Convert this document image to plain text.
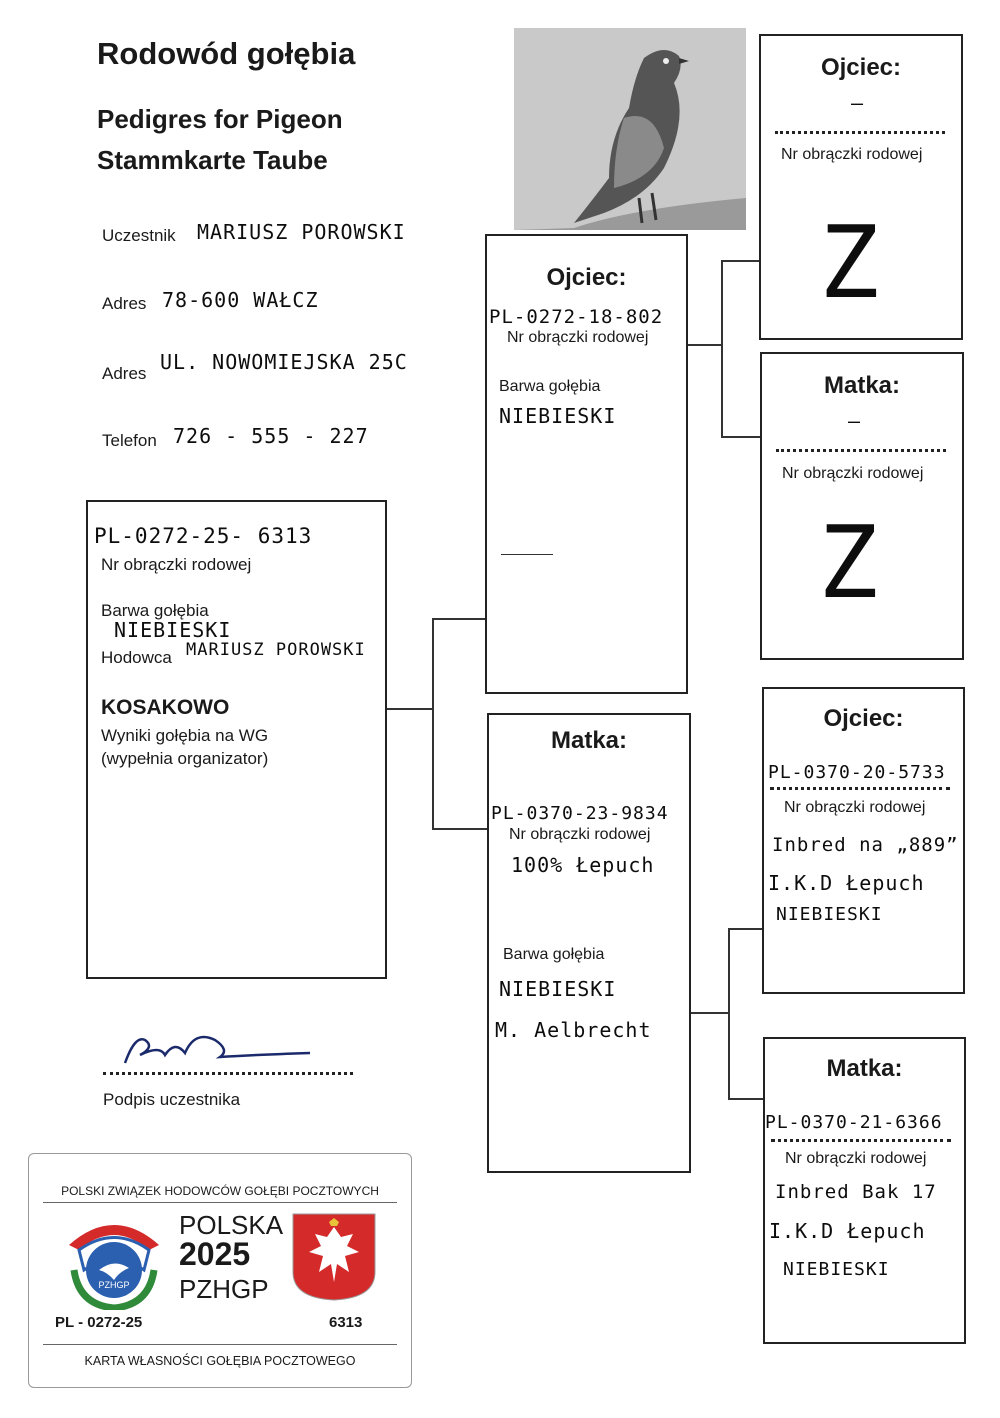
Rodowód gołębia
Pedigres for Pigeon
Stammkarte Taube
Uczestnik MARIUSZ POROWSKI
Adres 78-600 WAŁCZ
Adres UL. NOWOMIEJSKA 25C
Telefon 726 - 555 - 227
PL-0272-25- 6313
Nr obrączki rodowej
Barwa gołębia
NIEBIESKI
Hodowca MARIUSZ POROWSKI
KOSAKOWO
Wyniki gołębia na WG
(wypełnia organizator)
Podpis uczestnika
Ojciec:
PL-0272-18-802
Nr obrączki rodowej
Barwa gołębia
NIEBIESKI
Matka:
PL-0370-23-9834
Nr obrączki rodowej
100% Łepuch
Barwa gołębia
NIEBIESKI
M. Aelbrecht
Ojciec:
—
Nr obrączki rodowej
Z
Matka:
—
Nr obrączki rodowej
Z
Ojciec:
PL-0370-20-5733
Nr obrączki rodowej
Inbred na „889”
I.K.D Łepuch
NIEBIESKI
Matka:
PL-0370-21-6366
Nr obrączki rodowej
Inbred Bak 17
I.K.D Łepuch
NIEBIESKI
POLSKI ZWIĄZEK HODOWCÓW GOŁĘBI POCZTOWYCH
PZHGP
POLSKA
2025
PZHGP
PL - 0272-25	6313
KARTA WŁASNOŚCI GOŁĘBIA POCZTOWEGO
